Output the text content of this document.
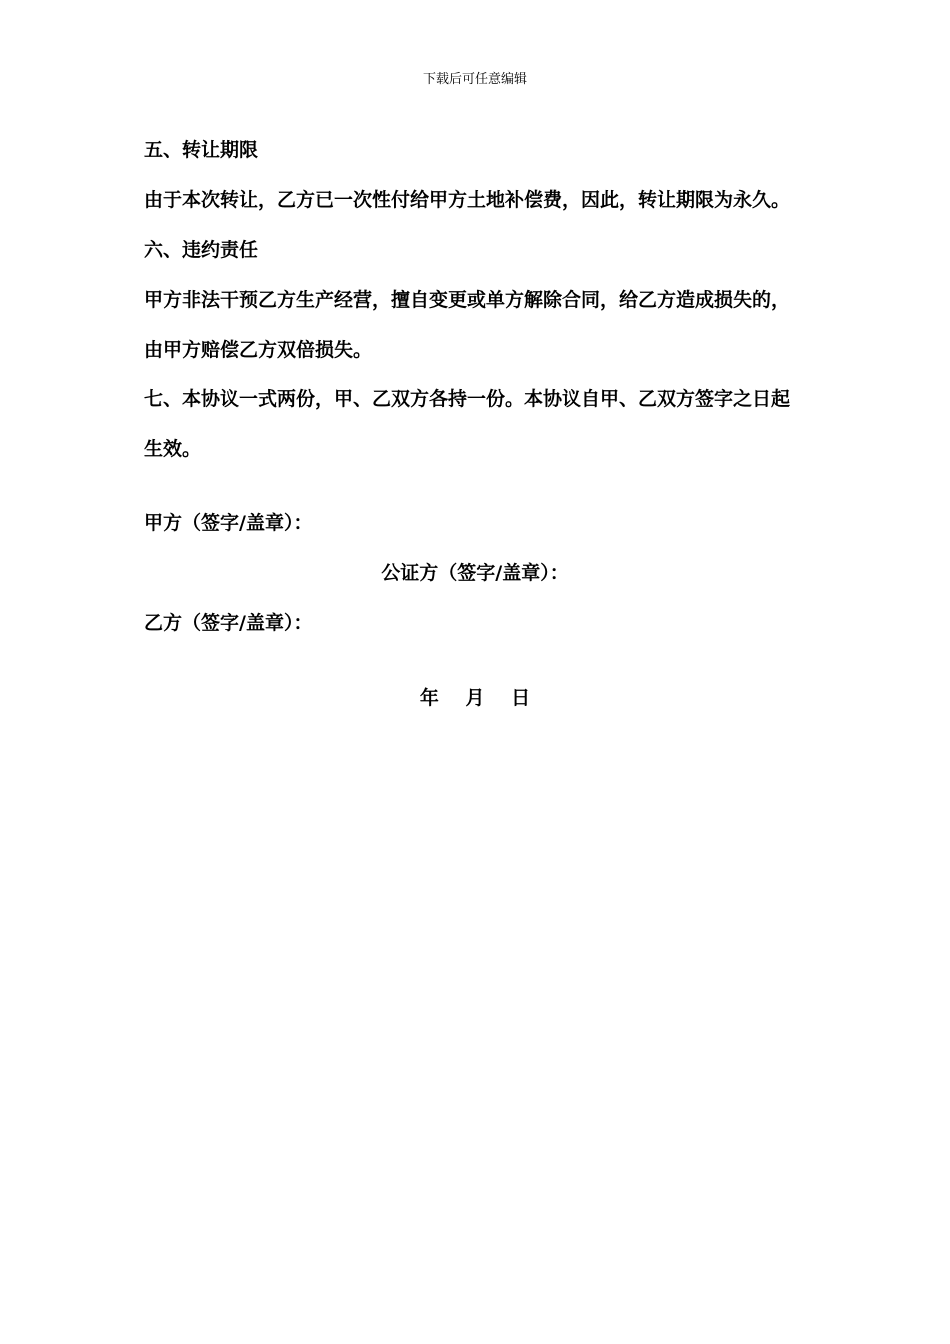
下载后可任意编辑
五、转让期限
由于本次转让，乙方已一次性付给甲方土地补偿费，因此，转让期限为永久。
六、违约责任
甲方非法干预乙方生产经营，擅自变更或单方解除合同，给乙方造成损失的，
由甲方赔偿乙方双倍损失。
七、本协议一式两份，甲、乙双方各持一份。本协议自甲、乙双方签字之日起
生效。
甲方（签字/盖章）：
公证方（签字/盖章）：
乙方（签字/盖章）：
年 月 日
